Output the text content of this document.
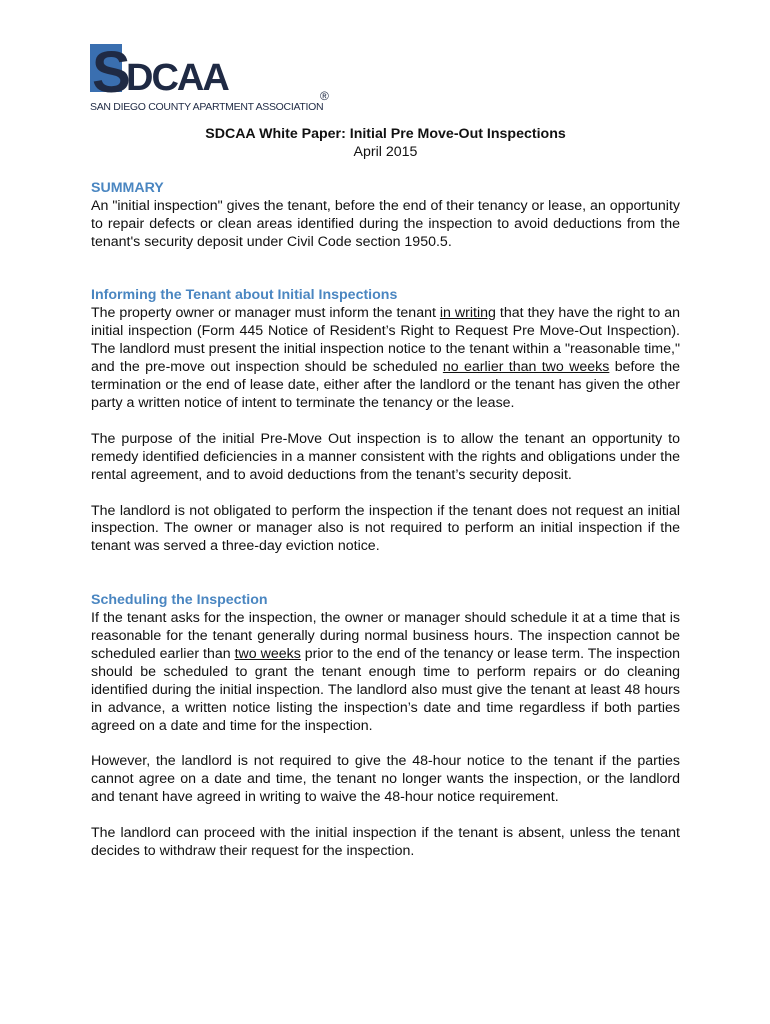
S
DCAA	®
SAN DIEGO COUNTY APARTMENT ASSOCIATION

SDCAA White Paper: Initial Pre Move-Out Inspections

April 2015

SUMMARY

An "initial inspection" gives the tenant, before the end of their tenancy or lease, an opportunity to repair defects or clean areas identified during the inspection to avoid deductions from the tenant's security deposit under Civil Code section 1950.5.

Informing the Tenant about Initial Inspections

The property owner or manager must inform the tenant in writing that they have the right to an initial inspection (Form 445 Notice of Resident’s Right to Request Pre Move-Out Inspection). The landlord must present the initial inspection notice to the tenant within a "reasonable time," and the pre-move out inspection should be scheduled no earlier than two weeks before the termination or the end of lease date, either after the landlord or the tenant has given the other party a written notice of intent to terminate the tenancy or the lease.

The purpose of the initial Pre-Move Out inspection is to allow the tenant an opportunity to remedy identified deficiencies in a manner consistent with the rights and obligations under the rental agreement, and to avoid deductions from the tenant’s security deposit.

The landlord is not obligated to perform the inspection if the tenant does not request an initial inspection. The owner or manager also is not required to perform an initial inspection if the tenant was served a three-day eviction notice.

Scheduling the Inspection

If the tenant asks for the inspection, the owner or manager should schedule it at a time that is reasonable for the tenant generally during normal business hours. The inspection cannot be scheduled earlier than two weeks prior to the end of the tenancy or lease term. The inspection should be scheduled to grant the tenant enough time to perform repairs or do cleaning identified during the initial inspection. The landlord also must give the tenant at least 48 hours in advance, a written notice listing the inspection’s date and time regardless if both parties agreed on a date and time for the inspection.

However, the landlord is not required to give the 48-hour notice to the tenant if the parties cannot agree on a date and time, the tenant no longer wants the inspection, or the landlord and tenant have agreed in writing to waive the 48-hour notice requirement.

The landlord can proceed with the initial inspection if the tenant is absent, unless the tenant decides to withdraw their request for the inspection.
